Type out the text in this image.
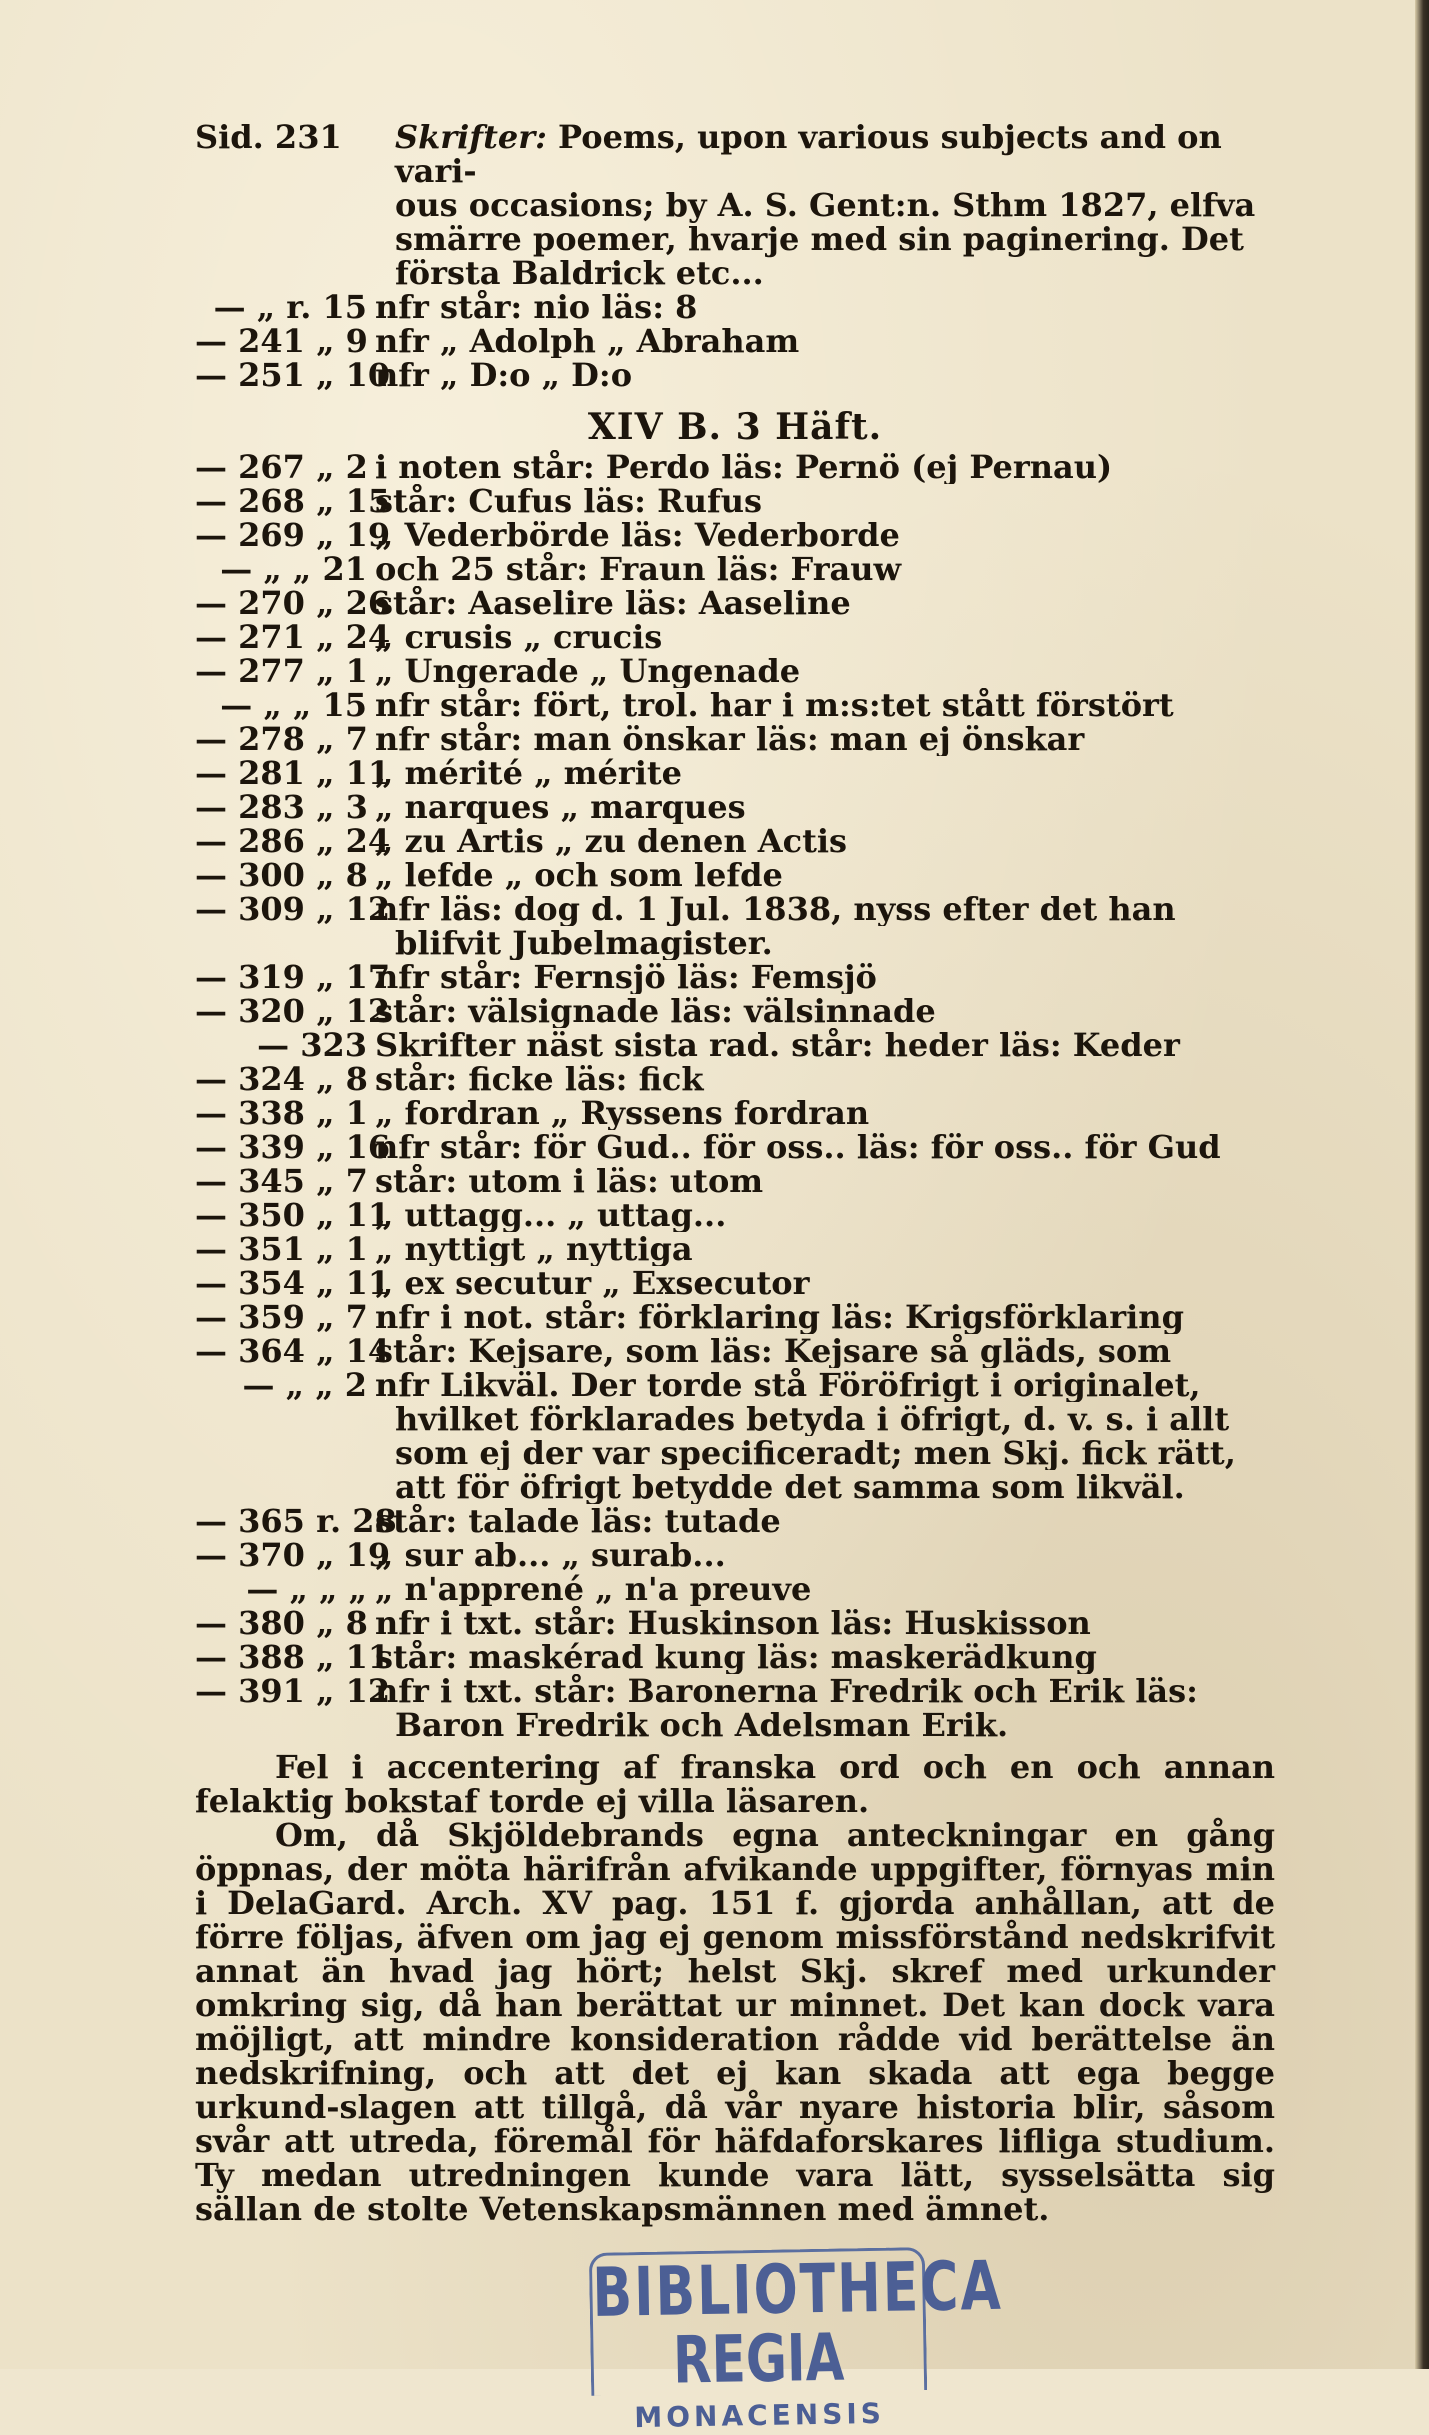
Sid. 231 Skrifter: Poems, upon various subjects and on vari-
ous occasions; by A. S. Gent:n. Sthm 1827, elfva
smärre poemer, hvarje med sin paginering. Det
första Baldrick etc...
— „ r. 15 nfr står: nio läs: 8
— 241 „ 9 nfr „ Adolph „ Abraham
— 251 „ 10
nfr „ D:o „ D:o
XIV B. 3 Häft.
— 267 „ 2 i noten står: Perdo läs: Pernö (ej Pernau)
— 268 „ 15
står: Cufus läs: Rufus
— 269 „ 19
„ Vederbörde läs: Vederborde
— „ „ 21 och 25 står: Fraun läs: Frauw
— 270 „ 26
står: Aaselire läs: Aaseline
— 271 „ 24
„ crusis „ crucis
— 277 „ 1 „ Ungerade „ Ungenade
— „ „ 15 nfr står: fört, trol. har i m:s:tet stått förstört
— 278 „ 7 nfr står: man önskar läs: man ej önskar
— 281 „ 11
„ mérité „ mérite
— 283 „ 3 „ narques „ marques
— 286 „ 24
„ zu Artis „ zu denen Actis
— 300 „ 8 „ lefde „ och som lefde
— 309 „ 12
nfr läs: dog d. 1 Jul. 1838, nyss efter det han
blifvit Jubelmagister.
— 319 „ 17
nfr står: Fernsjö läs: Femsjö
— 320 „ 12
står: välsignade läs: välsinnade
— 323 Skrifter näst sista rad. står: heder läs: Keder
— 324 „ 8 står: ficke läs: fick
— 338 „ 1 „ fordran „ Ryssens fordran
— 339 „ 16
nfr står: för Gud.. för oss.. läs: för oss.. för Gud
— 345 „ 7 står: utom i läs: utom
— 350 „ 11
„ uttagg... „ uttag...
— 351 „ 1 „ nyttigt „ nyttiga
— 354 „ 11
„ ex secutur „ Exsecutor
— 359 „ 7 nfr i not. står: förklaring läs: Krigsförklaring
— 364 „ 14
står: Kejsare, som läs: Kejsare så gläds, som
— „ „ 2 nfr Likväl. Der torde stå Föröfrigt i originalet,
hvilket förklarades betyda i öfrigt, d. v. s. i allt
som ej der var specificeradt; men Skj. fick rätt,
att för öfrigt betydde det samma som likväl.
— 365 r. 28
står: talade läs: tutade
— 370 „ 19
„ sur ab... „ surab...
— „ „ „ „ n'apprené „ n'a preuve
— 380 „ 8 nfr i txt. står: Huskinson läs: Huskisson
— 388 „ 11
står: maskérad kung läs: maskerädkung
— 391 „ 12
nfr i txt. står: Baronerna Fredrik och Erik läs:
Baron Fredrik och Adelsman Erik.

Fel i accentering af franska ord och en och annan felaktig bokstaf torde ej villa läsaren.

Om, då Skjöldebrands egna anteckningar en gång öppnas, der möta härifrån afvikande uppgifter, förnyas min i DelaGard. Arch. XV pag. 151 f. gjorda anhållan, att de förre följas, äfven om jag ej genom missförstånd nedskrifvit annat än hvad jag hört; helst Skj. skref med urkunder omkring sig, då han berättat ur minnet. Det kan dock vara möjligt, att mindre konsideration rådde vid berättelse än nedskrifning, och att det ej kan skada att ega begge urkund-slagen att tillgå, då vår nyare historia blir, såsom svår att utreda, föremål för häfdaforskares lifliga studium. Ty medan utredningen kunde vara lätt, sysselsätta sig sällan de stolte Vetenskapsmännen med ämnet.

BIBLIOTHECA
REGIA
MONACENSIS
